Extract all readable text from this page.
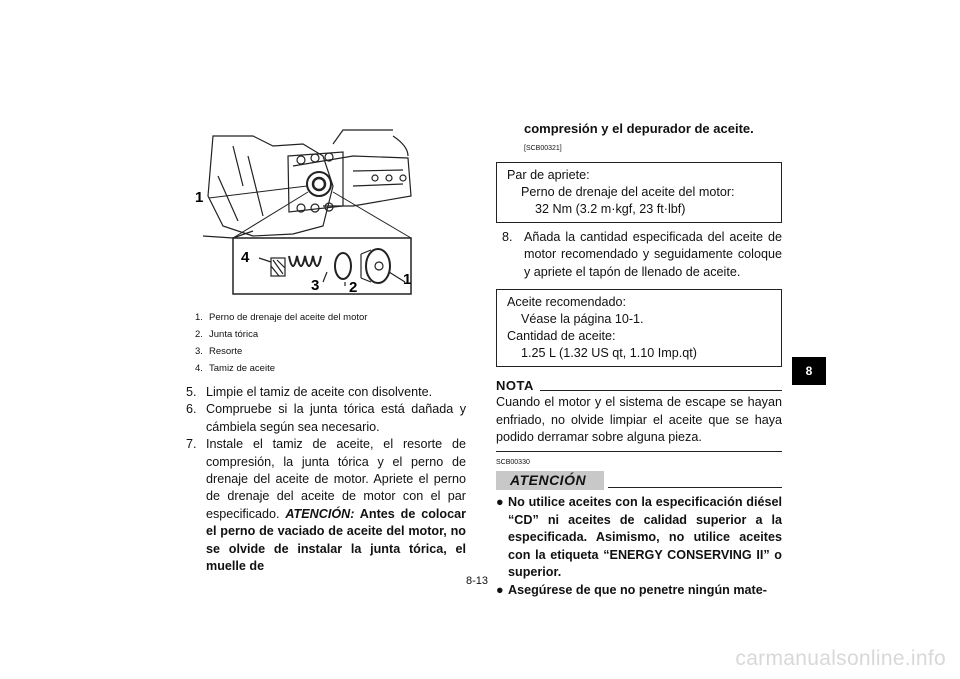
1
4
3 2	1
1. Perno de drenaje del aceite del motor
2. Junta tórica
3. Resorte
4. Tamiz de aceite
5. Limpie el tamiz de aceite con disolvente.
6. Compruebe si la junta tórica está dañada y cámbiela según sea necesario.
7. Instale el tamiz de aceite, el resorte de compresión, la junta tórica y el perno de drenaje del aceite de motor. Apriete el perno de drenaje del aceite de motor con el par especificado. ATENCIÓN: Antes de colocar el perno de vaciado de aceite del motor, no se olvide de instalar la junta tórica, el muelle de
compresión y el depurador de aceite.[SCB00321]
Par de apriete:
Perno de drenaje del aceite del motor:
32 Nm (3.2 m·kgf, 23 ft·lbf)
8. Añada la cantidad especificada del aceite de motor recomendado y seguidamente coloque y apriete el tapón de llenado de aceite.
Aceite recomendado:
Véase la página 10-1.
Cantidad de aceite:
1.25 L (1.32 US qt, 1.10 Imp.qt)
NOTA
Cuando el motor y el sistema de escape se hayan enfriado, no olvide limpiar el aceite que se haya podido derramar sobre alguna pieza.
SCB00330
ATENCIÓN
● No utilice aceites con la especificación diésel “CD” ni aceites de calidad superior a la especificada. Asimismo, no utilice aceites con la etiqueta “ENERGY CONSERVING II” o superior.
● Asegúrese de que no penetre ningún mate-
8-13
8
carmanualsonline.info
